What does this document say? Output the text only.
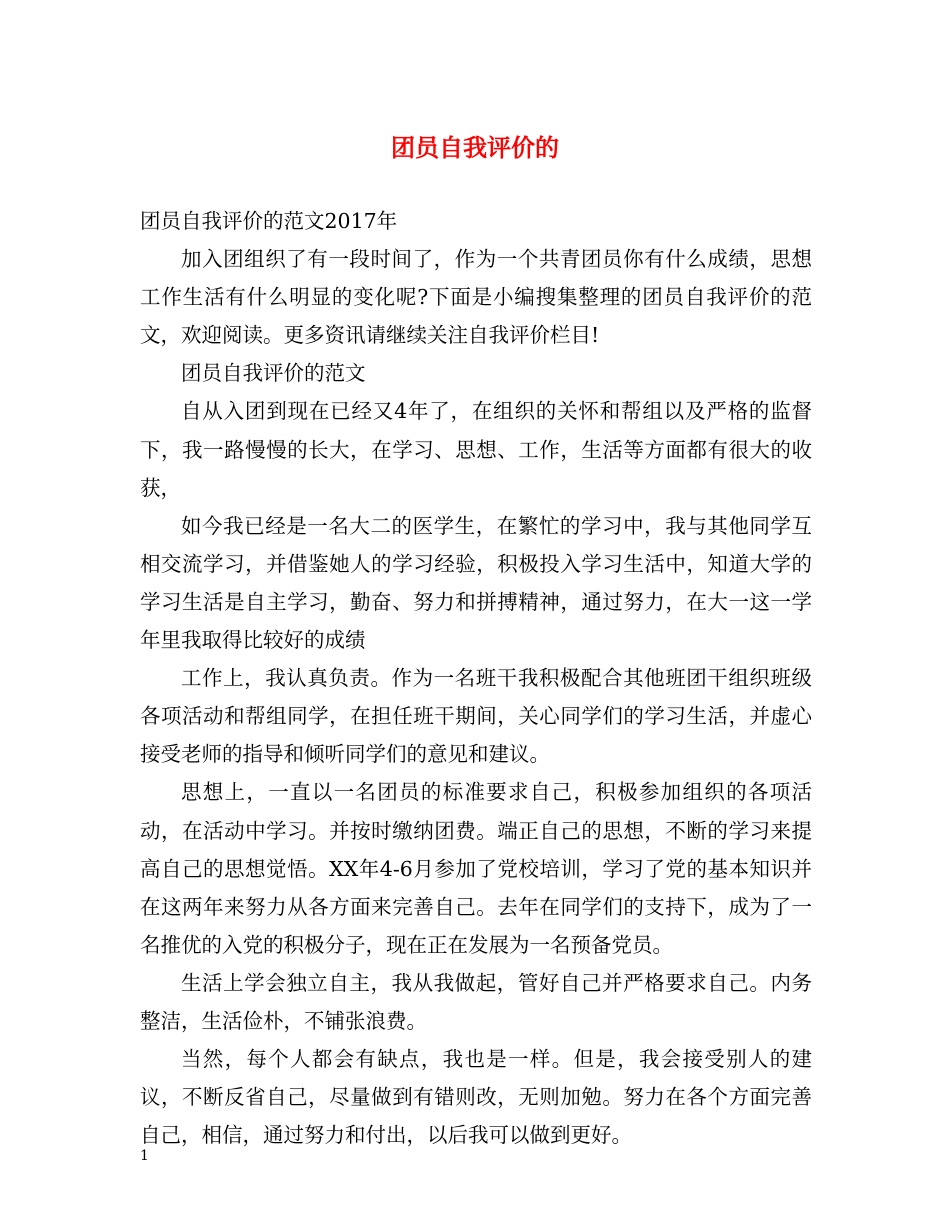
团员自我评价的

团员自我评价的范文2017年

加入团组织了有一段时间了，作为一个共青团员你有什么成绩，思想工作生活有什么明显的变化呢?下面是小编搜集整理的团员自我评价的范文，欢迎阅读。更多资讯请继续关注自我评价栏目!

团员自我评价的范文

自从入团到现在已经又4年了，在组织的关怀和帮组以及严格的监督下，我一路慢慢的长大，在学习、思想、工作，生活等方面都有很大的收获，

如今我已经是一名大二的医学生，在繁忙的学习中，我与其他同学互相交流学习，并借鉴她人的学习经验，积极投入学习生活中，知道大学的学习生活是自主学习，勤奋、努力和拼搏精神，通过努力，在大一这一学年里我取得比较好的成绩

工作上，我认真负责。作为一名班干我积极配合其他班团干组织班级各项活动和帮组同学，在担任班干期间，关心同学们的学习生活，并虚心接受老师的指导和倾听同学们的意见和建议。

思想上，一直以一名团员的标准要求自己，积极参加组织的各项活动，在活动中学习。并按时缴纳团费。端正自己的思想，不断的学习来提高自己的思想觉悟。XX年4-6月参加了党校培训，学习了党的基本知识并在这两年来努力从各方面来完善自己。去年在同学们的支持下，成为了一名推优的入党的积极分子，现在正在发展为一名预备党员。

生活上学会独立自主，我从我做起，管好自己并严格要求自己。内务整洁，生活俭朴，不铺张浪费。

当然，每个人都会有缺点，我也是一样。但是，我会接受别人的建议，不断反省自己，尽量做到有错则改，无则加勉。努力在各个方面完善自己，相信，通过努力和付出，以后我可以做到更好。

1
